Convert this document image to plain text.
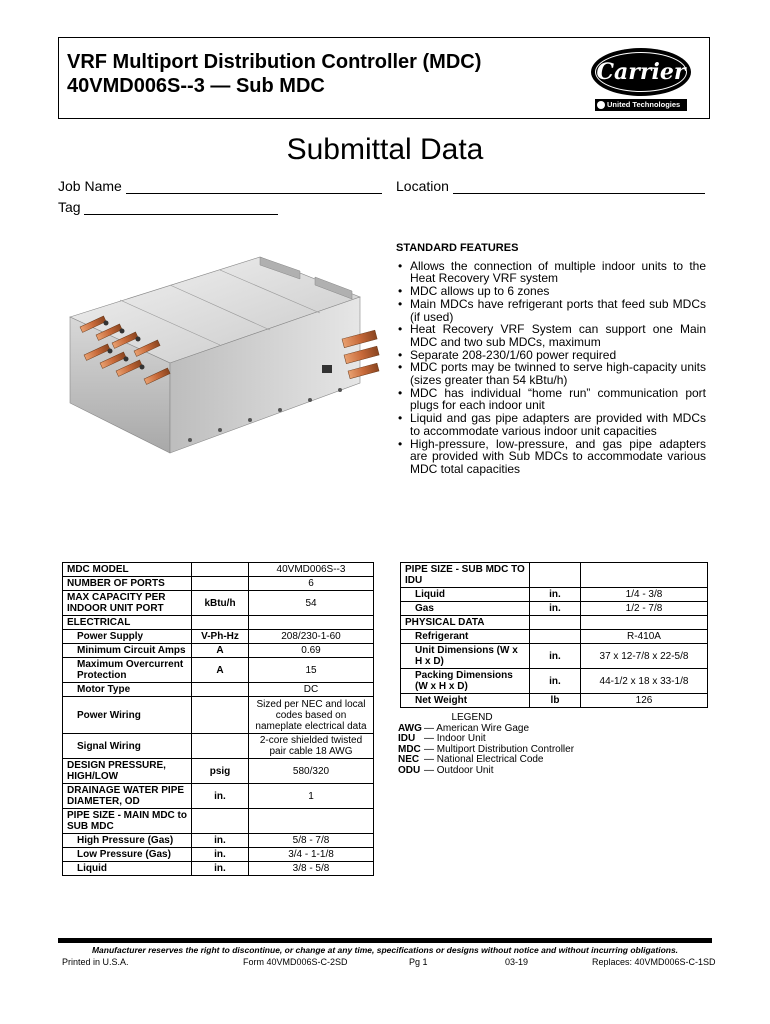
VRF Multiport Distribution Controller (MDC)
40VMD006S--3 — Sub MDC
Carrier
United Technologies
Submittal Data
Job Name	Location
Tag
STANDARD FEATURES
• Allows the connection of multiple indoor units to the Heat Recovery VRF system
• MDC allows up to 6 zones
• Main MDCs have refrigerant ports that feed sub MDCs (if used)
• Heat Recovery VRF System can support one Main MDC and two sub MDCs, maximum
• Separate 208-230/1/60 power required
• MDC ports may be twinned to serve high-capacity units (sizes greater than 54 kBtu/h)
• MDC has individual “home run” communication port plugs for each indoor unit
• Liquid and gas pipe adapters are provided with MDCs to accommodate various indoor unit capacities
• High-pressure, low-pressure, and gas pipe adapters are provided with Sub MDCs to accommodate various MDC total capacities
MDC MODEL		40VMD006S--3
NUMBER OF PORTS		6
MAX CAPACITY PER INDOOR UNIT PORT	kBtu/h	54
ELECTRICAL		
Power Supply	V-Ph-Hz	208/230-1-60
Minimum Circuit Amps	A	0.69
Maximum Overcurrent Protection	A	15
Motor Type		DC
Power Wiring		Sized per NEC and local codes based on nameplate electrical data
Signal Wiring		2-core shielded twisted pair cable 18 AWG
DESIGN PRESSURE, HIGH/LOW	psig	580/320
DRAINAGE WATER PIPE DIAMETER, OD	in.	1
PIPE SIZE - MAIN MDC to SUB MDC		
High Pressure (Gas)	in.	5/8 - 7/8
Low Pressure (Gas)	in.	3/4 - 1-1/8
Liquid	in.	3/8 - 5/8
PIPE SIZE - SUB MDC TO IDU		
Liquid	in.	1/4 - 3/8
Gas	in.	1/2 - 7/8
PHYSICAL DATA		
Refrigerant		R-410A
Unit Dimensions (W x H x D)	in.	37 x 12-7/8 x 22-5/8
Packing Dimensions (W x H x D)	in.	44-1/2 x 18 x 33-1/8
Net Weight	lb	126
LEGEND
AWG — American Wire Gage
IDU — Indoor Unit
MDC — Multiport Distribution Controller
NEC — National Electrical Code
ODU — Outdoor Unit
Manufacturer reserves the right to discontinue, or change at any time, specifications or designs without notice and without incurring obligations.
Printed in U.S.A.	Form 40VMD006S-C-2SD	Pg 1	03-19	Replaces: 40VMD006S-C-1SD
